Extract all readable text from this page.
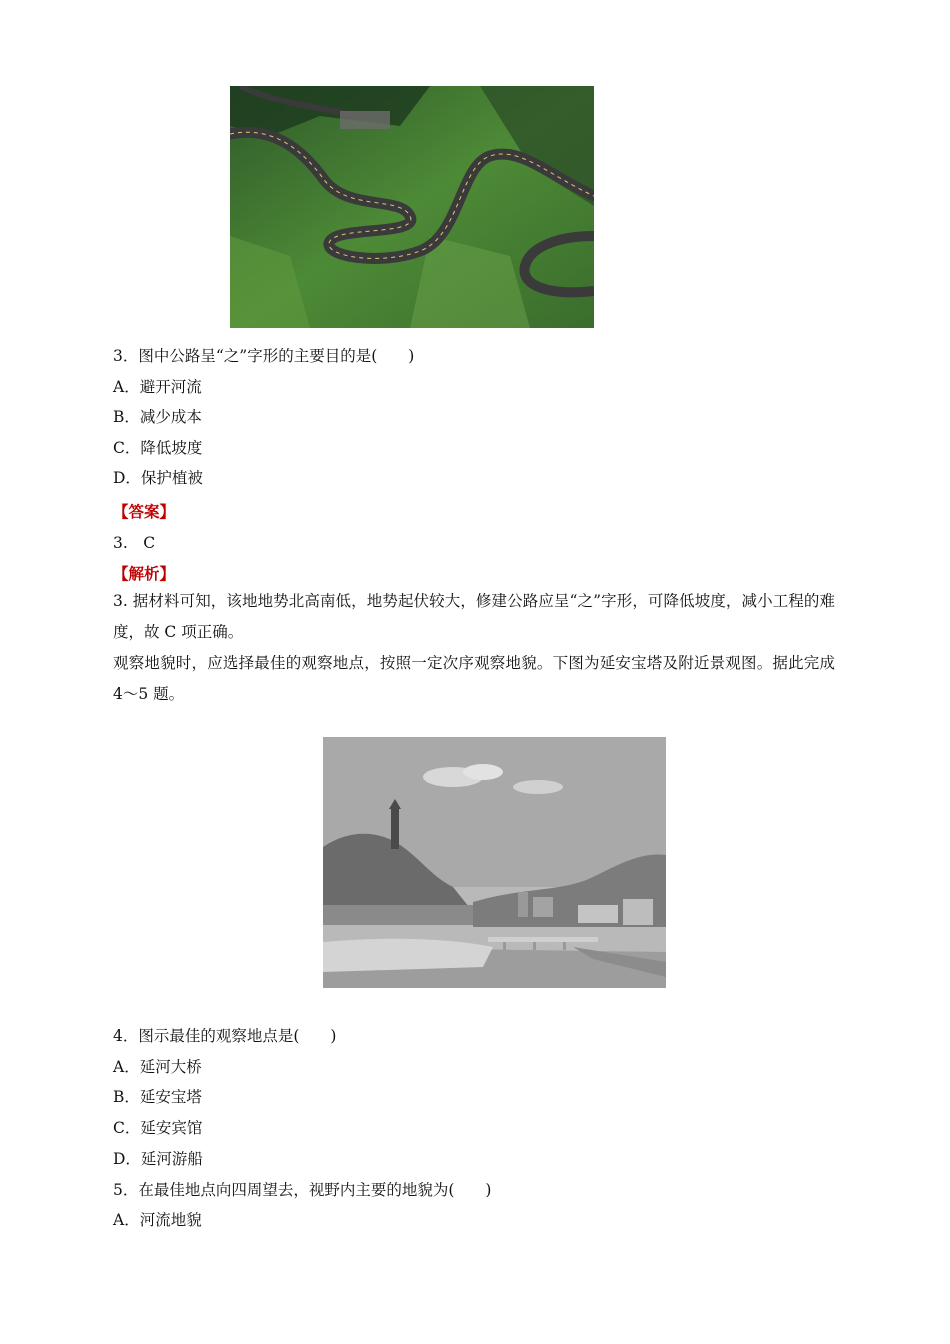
3．图中公路呈“之”字形的主要目的是(　　)
A．避开河流
B．减少成本
C．降低坡度
D．保护植被
【答案】
3.　C
【解析】
3. 据材料可知，该地地势北高南低，地势起伏较大，修建公路应呈“之”字形，可降低坡度，减小工程的难度，故 C 项正确。
观察地貌时，应选择最佳的观察地点，按照一定次序观察地貌。下图为延安宝塔及附近景观图。据此完成 4～5 题。
4．图示最佳的观察地点是(　　)
A．延河大桥
B．延安宝塔
C．延安宾馆
D．延河游船
5．在最佳地点向四周望去，视野内主要的地貌为(　　)
A．河流地貌
